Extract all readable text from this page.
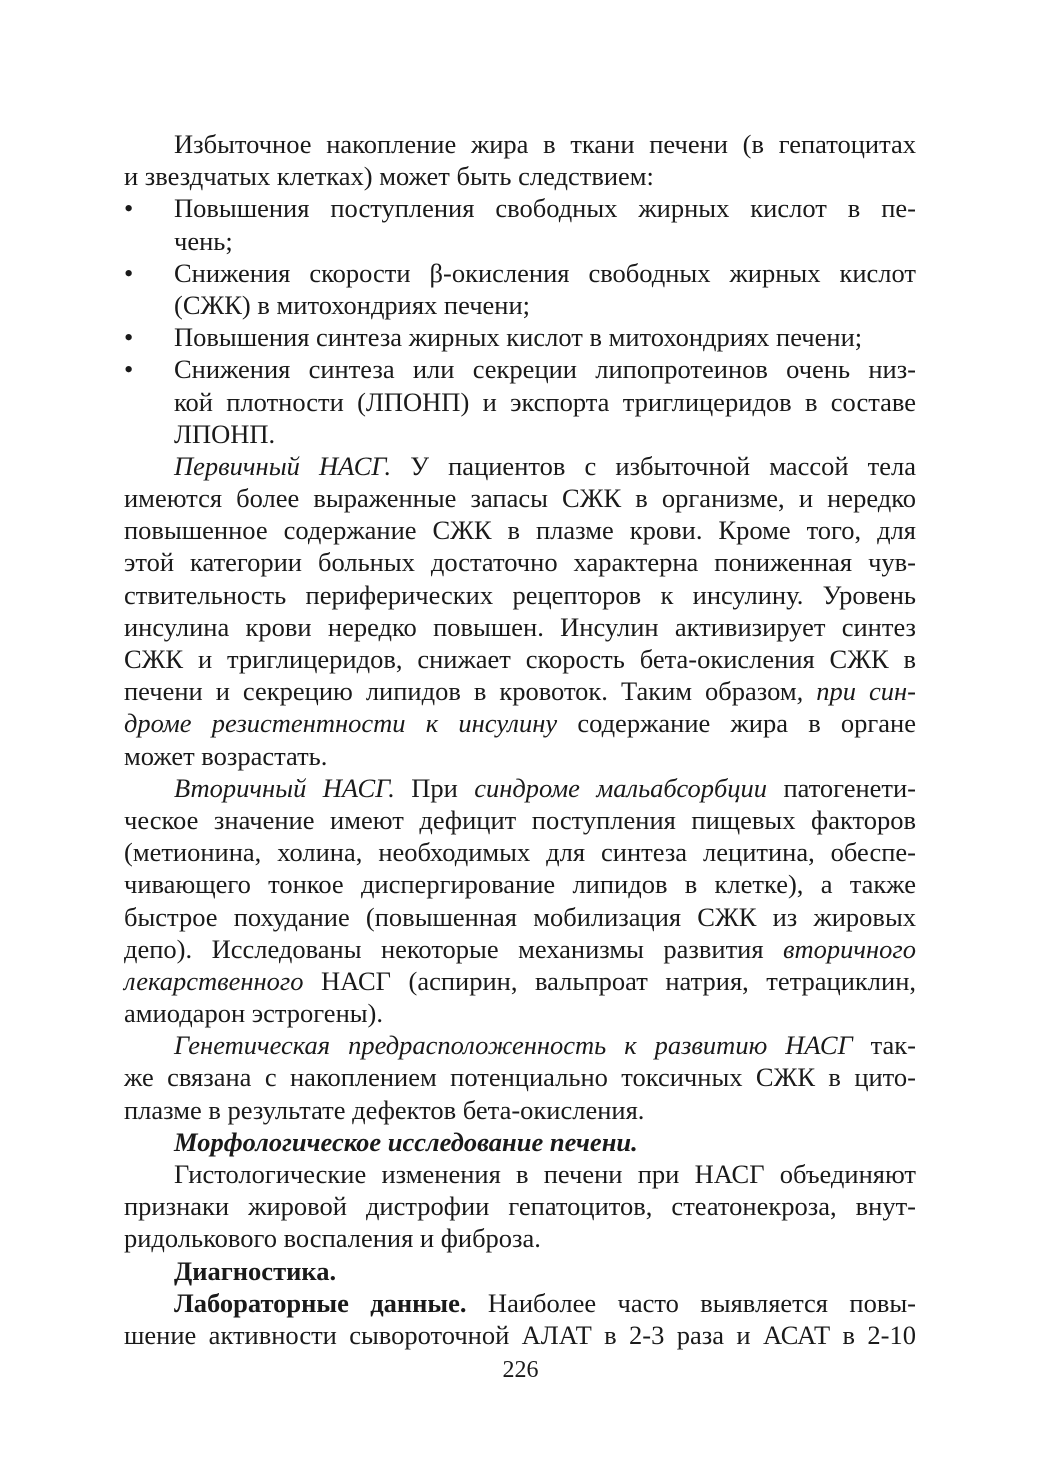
Избыточное накопление жира в ткани печени (в гепатоцитах
и звездчатых клетках) может быть следствием:
• Повышения поступления свободных жирных кислот в пе-
чень;
• Снижения скорости β-окисления свободных жирных кислот
(СЖК) в митохондриях печени;
• Повышения синтеза жирных кислот в митохондриях печени;
• Снижения синтеза или секреции липопротеинов очень низ-
кой плотности (ЛПОНП) и экспорта триглицеридов в составе
ЛПОНП.
Первичный НАСГ. У пациентов с избыточной массой тела
имеются более выраженные запасы СЖК в организме, и нередко
повышенное содержание СЖК в плазме крови. Кроме того, для
этой категории больных достаточно характерна пониженная чув-
ствительность периферических рецепторов к инсулину. Уровень
инсулина крови нередко повышен. Инсулин активизирует синтез
СЖК и триглицеридов, снижает скорость бета-окисления СЖК в
печени и секрецию липидов в кровоток. Таким образом, при син-
дроме резистентности к инсулину содержание жира в органе
может возрастать.
Вторичный НАСГ. При синдроме мальабсорбции патогенети-
ческое значение имеют дефицит поступления пищевых факторов
(метионина, холина, необходимых для синтеза лецитина, обеспе-
чивающего тонкое диспергирование липидов в клетке), а также
быстрое похудание (повышенная мобилизация СЖК из жировых
депо). Исследованы некоторые механизмы развития вторичного
лекарственного НАСГ (аспирин, вальпроат натрия, тетрациклин,
амиодарон эстрогены).
Генетическая предрасположенность к развитию НАСГ так-
же связана с накоплением потенциально токсичных СЖК в цито-
плазме в результате дефектов бета-окисления.
Морфологическое исследование печени.
Гистологические изменения в печени при НАСГ объединяют
признаки жировой дистрофии гепатоцитов, стеатонекроза, внут-
ридолькового воспаления и фиброза.
Диагностика.
Лабораторные данные. Наиболее часто выявляется повы-
шение активности сывороточной АЛАТ в 2-3 раза и АСАТ в 2-10
226
